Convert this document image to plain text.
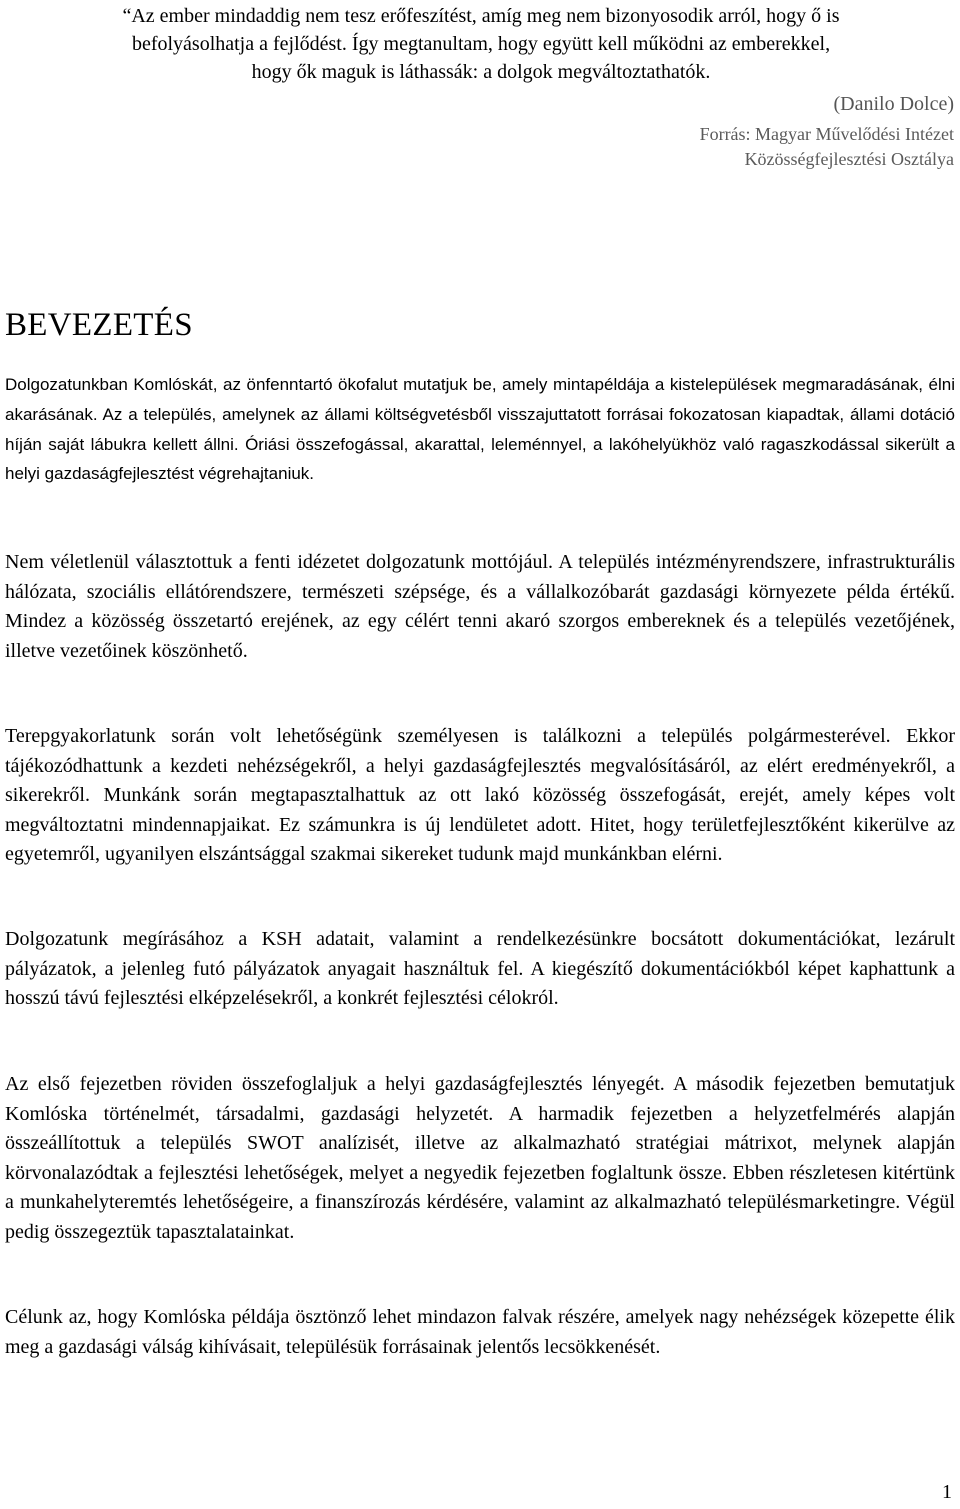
“Az ember mindaddig nem tesz erőfeszítést, amíg meg nem bizonyosodik arról, hogy ő is
befolyásolhatja a fejlődést. Így megtanultam, hogy együtt kell működni az emberekkel,
hogy ők maguk is láthassák: a dolgok megváltoztathatók.
(Danilo Dolce)
Forrás: Magyar Művelődési Intézet
Közösségfejlesztési Osztálya
BEVEZETÉS

Dolgozatunkban Komlóskát, az önfenntartó ökofalut mutatjuk be, amely mintapéldája a kistelepülések megmaradásának, élni akarásának. Az a település, amelynek az állami költségvetésből visszajuttatott forrásai fokozatosan kiapadtak, állami dotáció híján saját lábukra kellett állni. Óriási összefogással, akarattal, leleménnyel, a lakóhelyükhöz való ragaszkodással sikerült a helyi gazdaságfejlesztést végrehajtaniuk.

Nem véletlenül választottuk a fenti idézetet dolgozatunk mottójául. A település intézményrendszere, infrastrukturális hálózata, szociális ellátórendszere, természeti szépsége, és a vállalkozóbarát gazdasági környezete példa értékű. Mindez a közösség összetartó erejének, az egy célért tenni akaró szorgos embereknek és a település vezetőjének, illetve vezetőinek köszönhető.

Terepgyakorlatunk során volt lehetőségünk személyesen is találkozni a település polgármesterével. Ekkor tájékozódhattunk a kezdeti nehézségekről, a helyi gazdaságfejlesztés megvalósításáról, az elért eredményekről, a sikerekről. Munkánk során megtapasztalhattuk az ott lakó közösség összefogását, erejét, amely képes volt megváltoztatni mindennapjaikat. Ez számunkra is új lendületet adott. Hitet, hogy területfejlesztőként kikerülve az egyetemről, ugyanilyen elszántsággal szakmai sikereket tudunk majd munkánkban elérni.

Dolgozatunk megírásához a KSH adatait, valamint a rendelkezésünkre bocsátott dokumentációkat, lezárult pályázatok, a jelenleg futó pályázatok anyagait használtuk fel. A kiegészítő dokumentációkból képet kaphattunk a hosszú távú fejlesztési elképzelésekről, a konkrét fejlesztési célokról.

Az első fejezetben röviden összefoglaljuk a helyi gazdaságfejlesztés lényegét. A második fejezetben bemutatjuk Komlóska történelmét, társadalmi, gazdasági helyzetét. A harmadik fejezetben a helyzetfelmérés alapján összeállítottuk a település SWOT analízisét, illetve az alkalmazható stratégiai mátrixot, melynek alapján körvonalazódtak a fejlesztési lehetőségek, melyet a negyedik fejezetben foglaltunk össze. Ebben részletesen kitértünk a munkahelyteremtés lehetőségeire, a finanszírozás kérdésére, valamint az alkalmazható településmarketingre. Végül pedig összegeztük tapasztalatainkat.

Célunk az, hogy Komlóska példája ösztönző lehet mindazon falvak részére, amelyek nagy nehézségek közepette élik meg a gazdasági válság kihívásait, településük forrásainak jelentős lecsökkenését.

1
